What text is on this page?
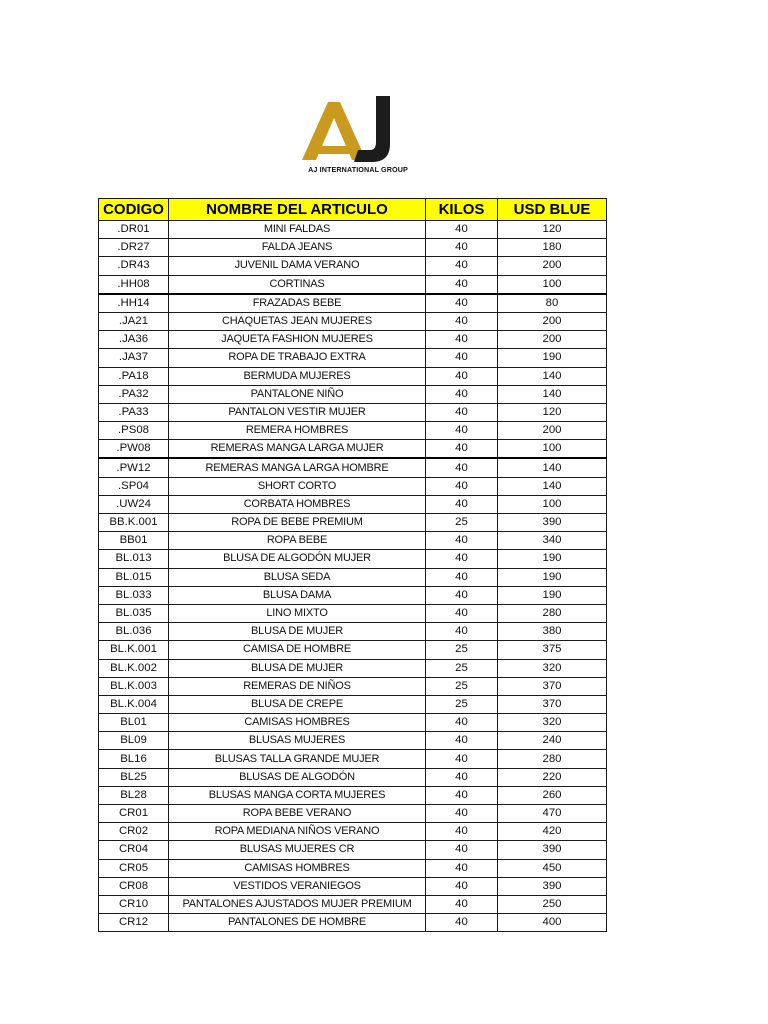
AJ INTERNATIONAL GROUP
CODIGO	NOMBRE DEL ARTICULO	KILOS	USD BLUE
.DR01	MINI FALDAS	40	120
.DR27	FALDA JEANS	40	180
.DR43	JUVENIL DAMA VERANO	40	200
.HH08	CORTINAS	40	100
.HH14	FRAZADAS BEBE	40	80
.JA21	CHAQUETAS JEAN MUJERES	40	200
.JA36	JAQUETA FASHION MUJERES	40	200
.JA37	ROPA DE TRABAJO EXTRA	40	190
.PA18	BERMUDA MUJERES	40	140
.PA32	PANTALONE NIÑO	40	140
.PA33	PANTALON VESTIR MUJER	40	120
.PS08	REMERA HOMBRES	40	200
.PW08	REMERAS MANGA LARGA MUJER	40	100
.PW12	REMERAS MANGA LARGA HOMBRE	40	140
.SP04	SHORT CORTO	40	140
.UW24	CORBATA HOMBRES	40	100
BB.K.001	ROPA DE BEBE PREMIUM	25	390
BB01	ROPA BEBE	40	340
BL.013	BLUSA DE ALGODÓN MUJER	40	190
BL.015	BLUSA SEDA	40	190
BL.033	BLUSA DAMA	40	190
BL.035	LINO MIXTO	40	280
BL.036	BLUSA DE MUJER	40	380
BL.K.001	CAMISA DE HOMBRE	25	375
BL.K.002	BLUSA DE MUJER	25	320
BL.K.003	REMERAS DE NIÑOS	25	370
BL.K.004	BLUSA DE CREPE	25	370
BL01	CAMISAS HOMBRES	40	320
BL09	BLUSAS MUJERES	40	240
BL16	BLUSAS TALLA GRANDE MUJER	40	280
BL25	BLUSAS DE ALGODÓN	40	220
BL28	BLUSAS MANGA CORTA MUJERES	40	260
CR01	ROPA BEBE VERANO	40	470
CR02	ROPA MEDIANA NIÑOS VERANO	40	420
CR04	BLUSAS MUJERES CR	40	390
CR05	CAMISAS HOMBRES	40	450
CR08	VESTIDOS VERANIEGOS	40	390
CR10	PANTALONES AJUSTADOS MUJER PREMIUM	40	250
CR12	PANTALONES DE HOMBRE	40	400
